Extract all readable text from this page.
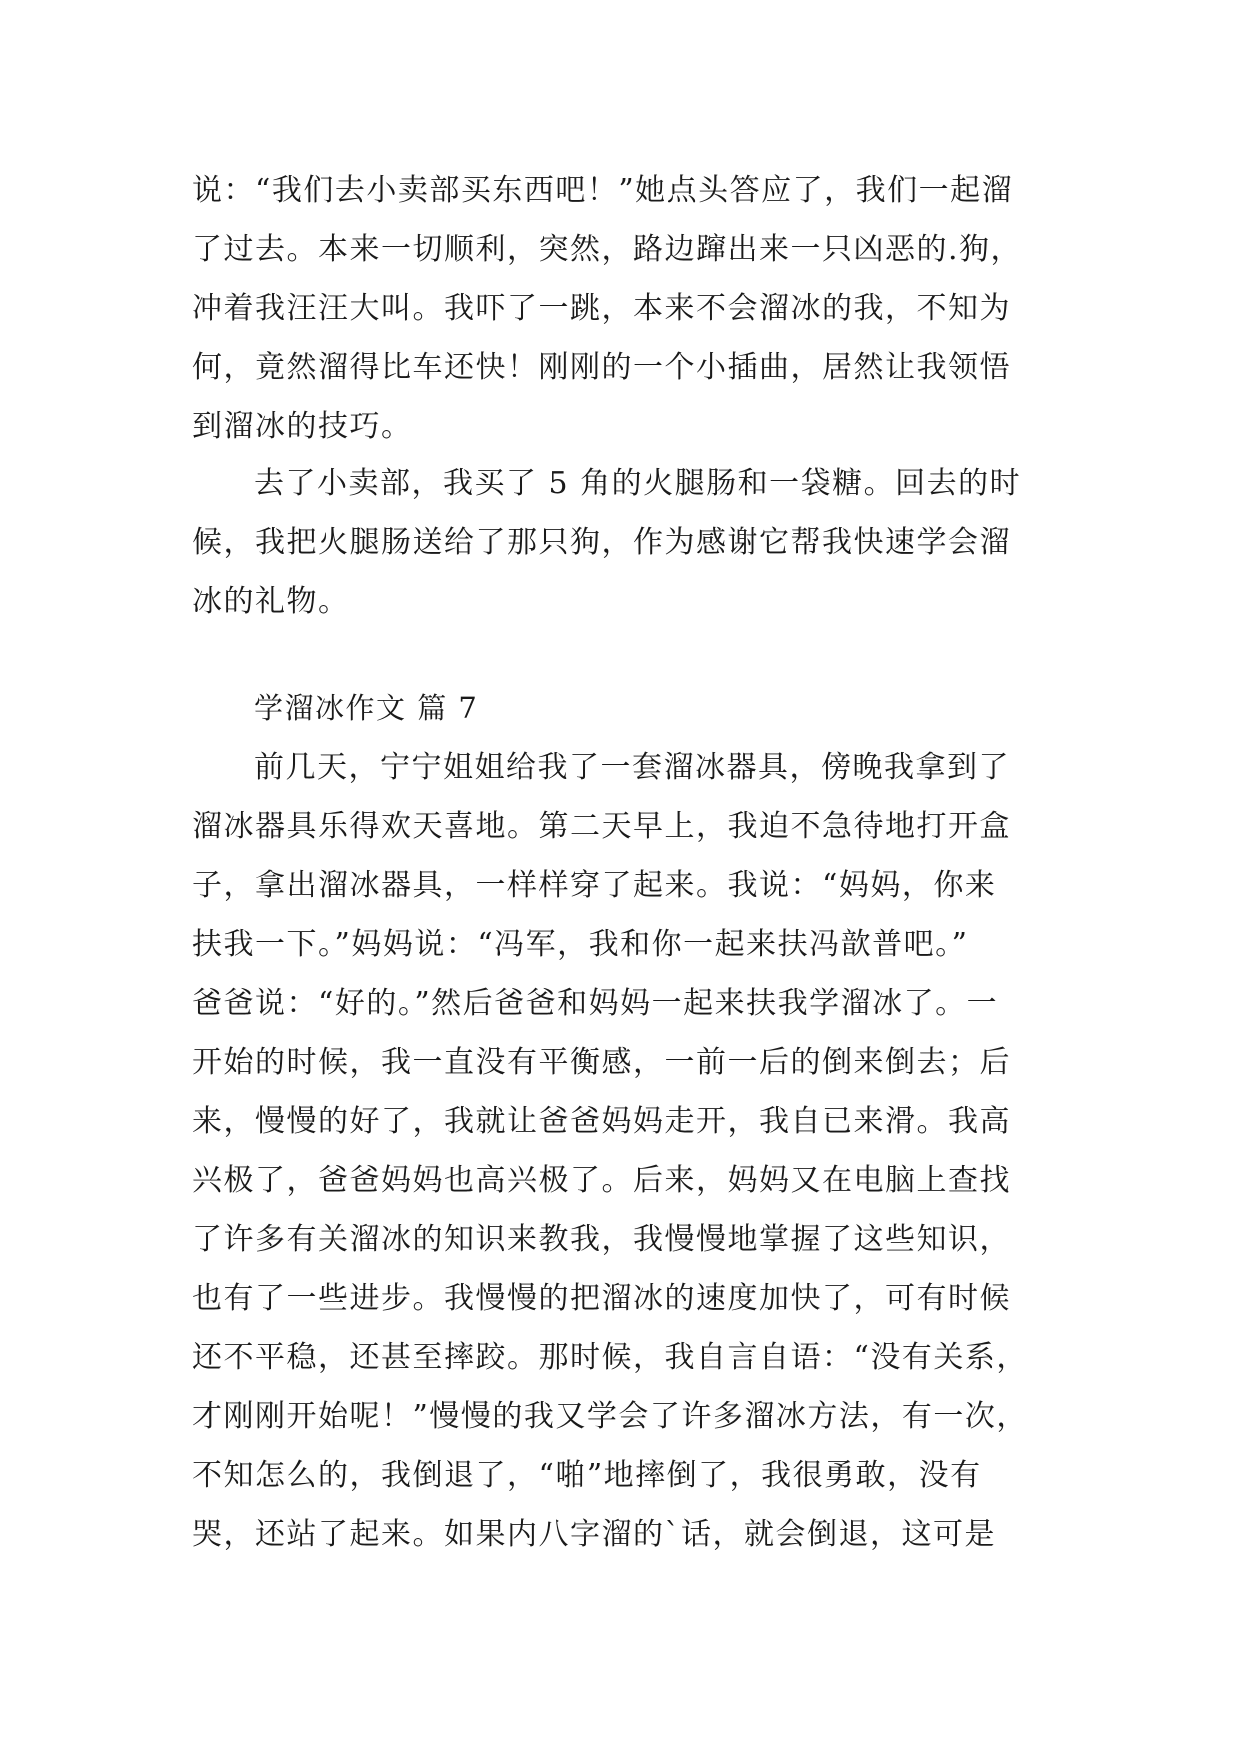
说：“我们去小卖部买东西吧！”她点头答应了，我们一起溜
了过去。本来一切顺利，突然，路边蹿出来一只凶恶的.狗，
冲着我汪汪大叫。我吓了一跳，本来不会溜冰的我，不知为
何，竟然溜得比车还快！刚刚的一个小插曲，居然让我领悟
到溜冰的技巧。
去了小卖部，我买了 5 角的火腿肠和一袋糖。回去的时
候，我把火腿肠送给了那只狗，作为感谢它帮我快速学会溜
冰的礼物。
学溜冰作文 篇 7
前几天，宁宁姐姐给我了一套溜冰器具，傍晚我拿到了
溜冰器具乐得欢天喜地。第二天早上，我迫不急待地打开盒
子，拿出溜冰器具，一样样穿了起来。我说：“妈妈，你来
扶我一下。”妈妈说：“冯军，我和你一起来扶冯歆普吧。”
爸爸说：“好的。”然后爸爸和妈妈一起来扶我学溜冰了。一
开始的时候，我一直没有平衡感，一前一后的倒来倒去；后
来，慢慢的好了，我就让爸爸妈妈走开，我自已来滑。我高
兴极了，爸爸妈妈也高兴极了。后来，妈妈又在电脑上查找
了许多有关溜冰的知识来教我，我慢慢地掌握了这些知识，
也有了一些进步。我慢慢的把溜冰的速度加快了，可有时候
还不平稳，还甚至摔跤。那时候，我自言自语：“没有关系，
才刚刚开始呢！”慢慢的我又学会了许多溜冰方法，有一次，
不知怎么的，我倒退了，“啪”地摔倒了，我很勇敢，没有
哭，还站了起来。如果内八字溜的`话，就会倒退，这可是
